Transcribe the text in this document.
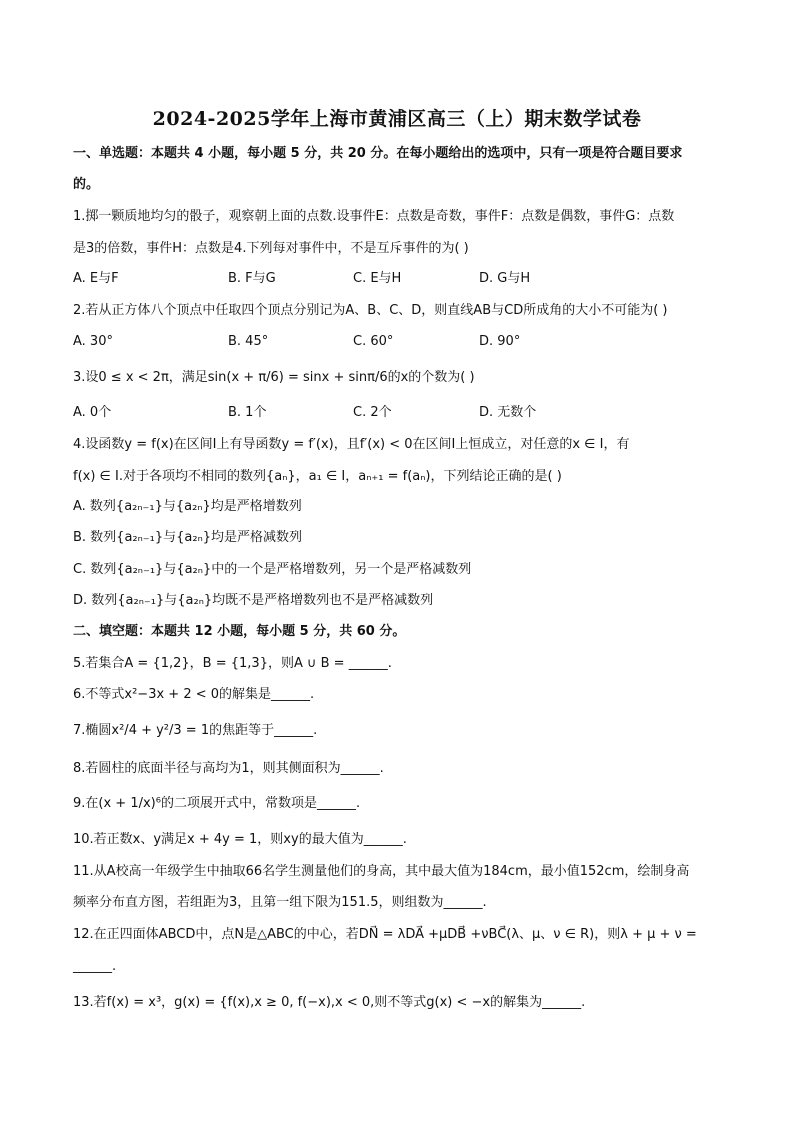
2024-2025学年上海市黄浦区高三（上）期末数学试卷
一、单选题：本题共 4 小题，每小题 5 分，共 20 分。在每小题给出的选项中，只有一项是符合题目要求
的。
1.掷一颗质地均匀的骰子，观察朝上面的点数.设事件E：点数是奇数，事件F：点数是偶数，事件G：点数
是3的倍数，事件H：点数是4.下列每对事件中，不是互斥事件的为( )
A. E与F	B. F与G	C. E与H	D. G与H
2.若从正方体八个顶点中任取四个顶点分别记为A、B、C、D，则直线AB与CD所成角的大小不可能为( )
A. 30°	B. 45°	C. 60°	D. 90°
3.设0 ≤ x < 2π，满足sin(x + π/6) = sinx + sinπ/6的x的个数为( )
A. 0个	B. 1个	C. 2个	D. 无数个
4.设函数y = f(x)在区间I上有导函数y = f′(x)，且f′(x) < 0在区间I上恒成立，对任意的x ∈ I，有
f(x) ∈ I.对于各项均不相同的数列{aₙ}，a₁ ∈ I，aₙ₊₁ = f(aₙ)，下列结论正确的是( )
A. 数列{a₂ₙ₋₁}与{a₂ₙ}均是严格增数列
B. 数列{a₂ₙ₋₁}与{a₂ₙ}均是严格减数列
C. 数列{a₂ₙ₋₁}与{a₂ₙ}中的一个是严格增数列，另一个是严格减数列
D. 数列{a₂ₙ₋₁}与{a₂ₙ}均既不是严格增数列也不是严格减数列
二、填空题：本题共 12 小题，每小题 5 分，共 60 分。
5.若集合A = {1,2}，B = {1,3}，则A ∪ B = ______.
6.不等式x²−3x + 2 < 0的解集是______.
7.椭圆x²/4 + y²/3 = 1的焦距等于______.
8.若圆柱的底面半径与高均为1，则其侧面积为______.
9.在(x + 1/x)⁶的二项展开式中，常数项是______.
10.若正数x、y满足x + 4y = 1，则xy的最大值为______.
11.从A校高一年级学生中抽取66名学生测量他们的身高，其中最大值为184cm，最小值152cm，绘制身高
频率分布直方图，若组距为3，且第一组下限为151.5，则组数为______.
12.在正四面体ABCD中，点N是△ABC的中心，若DN⃗ = λDA⃗ +μDB⃗ +νBC⃗(λ、μ、ν ∈ R)，则λ + μ + ν =
______.
13.若f(x) = x³，g(x) = {f(x),x ≥ 0, f(−x),x < 0,则不等式g(x) < −x的解集为______.
